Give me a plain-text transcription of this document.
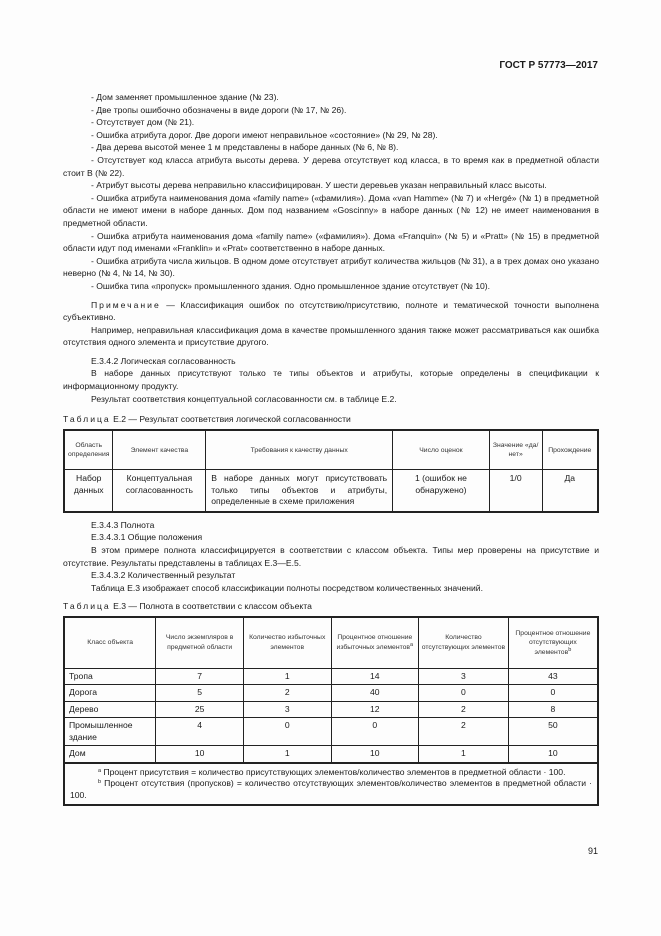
ГОСТ Р 57773—2017
- Дом заменяет промышленное здание (№ 23).
- Две тропы ошибочно обозначены в виде дороги (№ 17, № 26).
- Отсутствует дом (№ 21).
- Ошибка атрибута дорог. Две дороги имеют неправильное «состояние» (№ 29, № 28).
- Два дерева высотой менее 1 м представлены в наборе данных (№ 6, № 8).
- Отсутствует код класса атрибута высоты дерева. У дерева отсутствует код класса, в то время как в предметной области стоит В (№ 22).
- Атрибут высоты дерева неправильно классифицирован. У шести деревьев указан неправильный класс высоты.
- Ошибка атрибута наименования дома «family name» («фамилия»). Дома «van Hamme» (№ 7) и «Hergé» (№ 1) в предметной области не имеют имени в наборе данных. Дом под названием «Goscinny» в наборе данных (№ 12) не имеет наименования в предметной области.
- Ошибка атрибута наименования дома «family name» («фамилия»). Дома «Franquin» (№ 5) и «Pratt» (№ 15) в предметной области идут под именами «Franklin» и «Prat» соответственно в наборе данных.
- Ошибка атрибута числа жильцов. В одном доме отсутствует атрибут количества жильцов (№ 31), а в трех домах оно указано неверно (№ 4, № 14, № 30).
- Ошибка типа «пропуск» промышленного здания. Одно промышленное здание отсутствует (№ 10).
Примечание — Классификация ошибок по отсутствию/присутствию, полноте и тематической точности выполнена субъективно.
Например, неправильная классификация дома в качестве промышленного здания также может рассматриваться как ошибка отсутствия одного элемента и присутствие другого.
Е.3.4.2 Логическая согласованность
В наборе данных присутствуют только те типы объектов и атрибуты, которые определены в спецификации к информационному продукту.
Результат соответствия концептуальной согласованности см. в таблице Е.2.
Таблица Е.2 — Результат соответствия логической согласованности
Область определения	Элемент качества	Требования к качеству данных	Число оценок	Значение «да/нет»	Прохождение
Набор данных	Концептуальная согласованность	В наборе данных могут присутствовать только типы объектов и атрибуты, определенные в схеме приложения	1 (ошибок не обнаружено)	1/0	Да
Е.3.4.3 Полнота
Е.3.4.3.1 Общие положения
В этом примере полнота классифицируется в соответствии с классом объекта. Типы мер проверены на присутствие и отсутствие. Результаты представлены в таблицах Е.3—Е.5.
Е.3.4.3.2 Количественный результат
Таблица Е.3 изображает способ классификации полноты посредством количественных значений.
Таблица Е.3 — Полнота в соответствии с классом объекта
Класс объекта	Число экземпляров в предметной области	Количество избыточных элементов	Процентное отношение избыточных элементов$^a$	Количество отсутствующих элементов	Процентное отношение отсутствующих элементов$^b$
Тропа	7	1	14	3	43
Дорога	5	2	40	0	0
Дерево	25	3	12	2	8
Промышленное здание	4	0	0	2	50
Дом	10	1	10	1	10

$^a$ Процент присутствия = количество присутствующих элементов/количество элементов в предметной области · 100.
$^b$ Процент отсутствия (пропусков) = количество отсутствующих элементов/количество элементов в предметной области · 100.					
91
